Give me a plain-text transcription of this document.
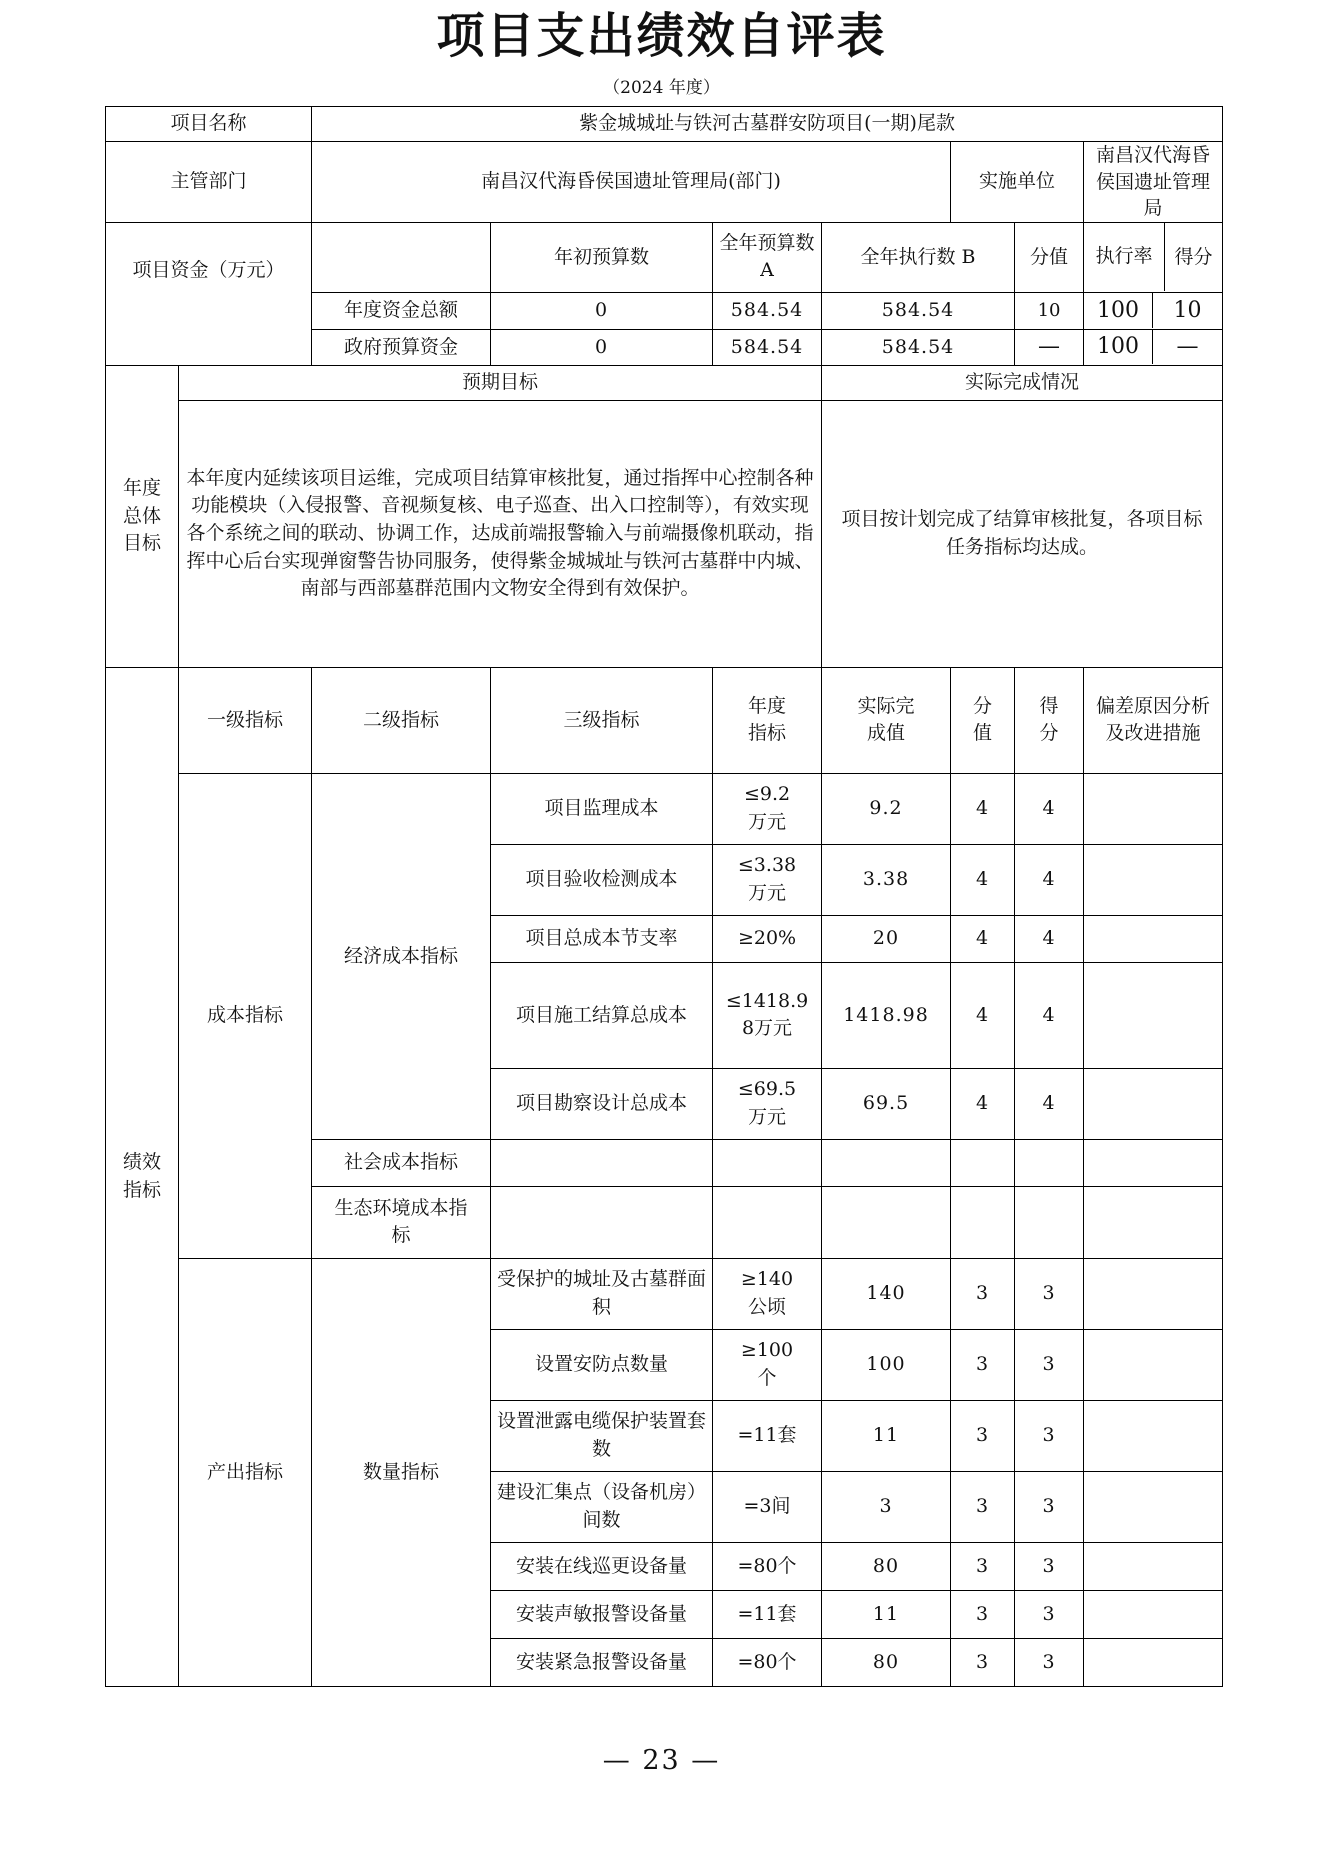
项目支出绩效自评表
（2024 年度）
项目名称		紫金城城址与铁河古墓群安防项目(一期)尾款						
主管部门		南昌汉代海昏侯国遗址管理局(部门)				实施单位		南昌汉代海昏侯国遗址管理局
项目资金（万元）			年初预算数	全年预算数 A	全年执行数 B		分值	执行率 得分

		年度资金总额	0	584.54	584.54		10	100 10

		政府预算资金	0	584.54	584.54		—	100 —

年度总体目标	预期目标				实际完成情况			
	本年度内延续该项目运维，完成项目结算审核批复，通过指挥中心控制各种功能模块（入侵报警、音视频复核、电子巡查、出入口控制等），有效实现各个系统之间的联动、协调工作，达成前端报警输入与前端摄像机联动，指挥中心后台实现弹窗警告协同服务，使得紫金城城址与铁河古墓群中内城、南部与西部墓群范围内文物安全得到有效保护。				项目按计划完成了结算审核批复，各项目标任务指标均达成。			
绩效指标	一级指标	二级指标	三级指标	年度指标	实际完成值	分值	得分	偏差原因分析及改进措施
	成本指标	经济成本指标	项目监理成本	≤9.2万元	9.2	4	4	
			项目验收检测成本	≤3.38万元	3.38	4	4	
			项目总成本节支率	≥20%	20	4	4	
			项目施工结算总成本	≤1418.98万元	1418.98	4	4	
			项目勘察设计总成本	≤69.5万元	69.5	4	4	
		社会成本指标						
		生态环境成本指标						
	产出指标	数量指标	受保护的城址及古墓群面积	≥140公顷	140	3	3	
			设置安防点数量	≥100个	100	3	3	
			设置泄露电缆保护装置套数	=11套	11	3	3	
			建设汇集点（设备机房）间数	=3间	3	3	3	
			安装在线巡更设备量	=80个	80	3	3	
			安装声敏报警设备量	=11套	11	3	3	
			安装紧急报警设备量	=80个	80	3	3	
— 23 —
